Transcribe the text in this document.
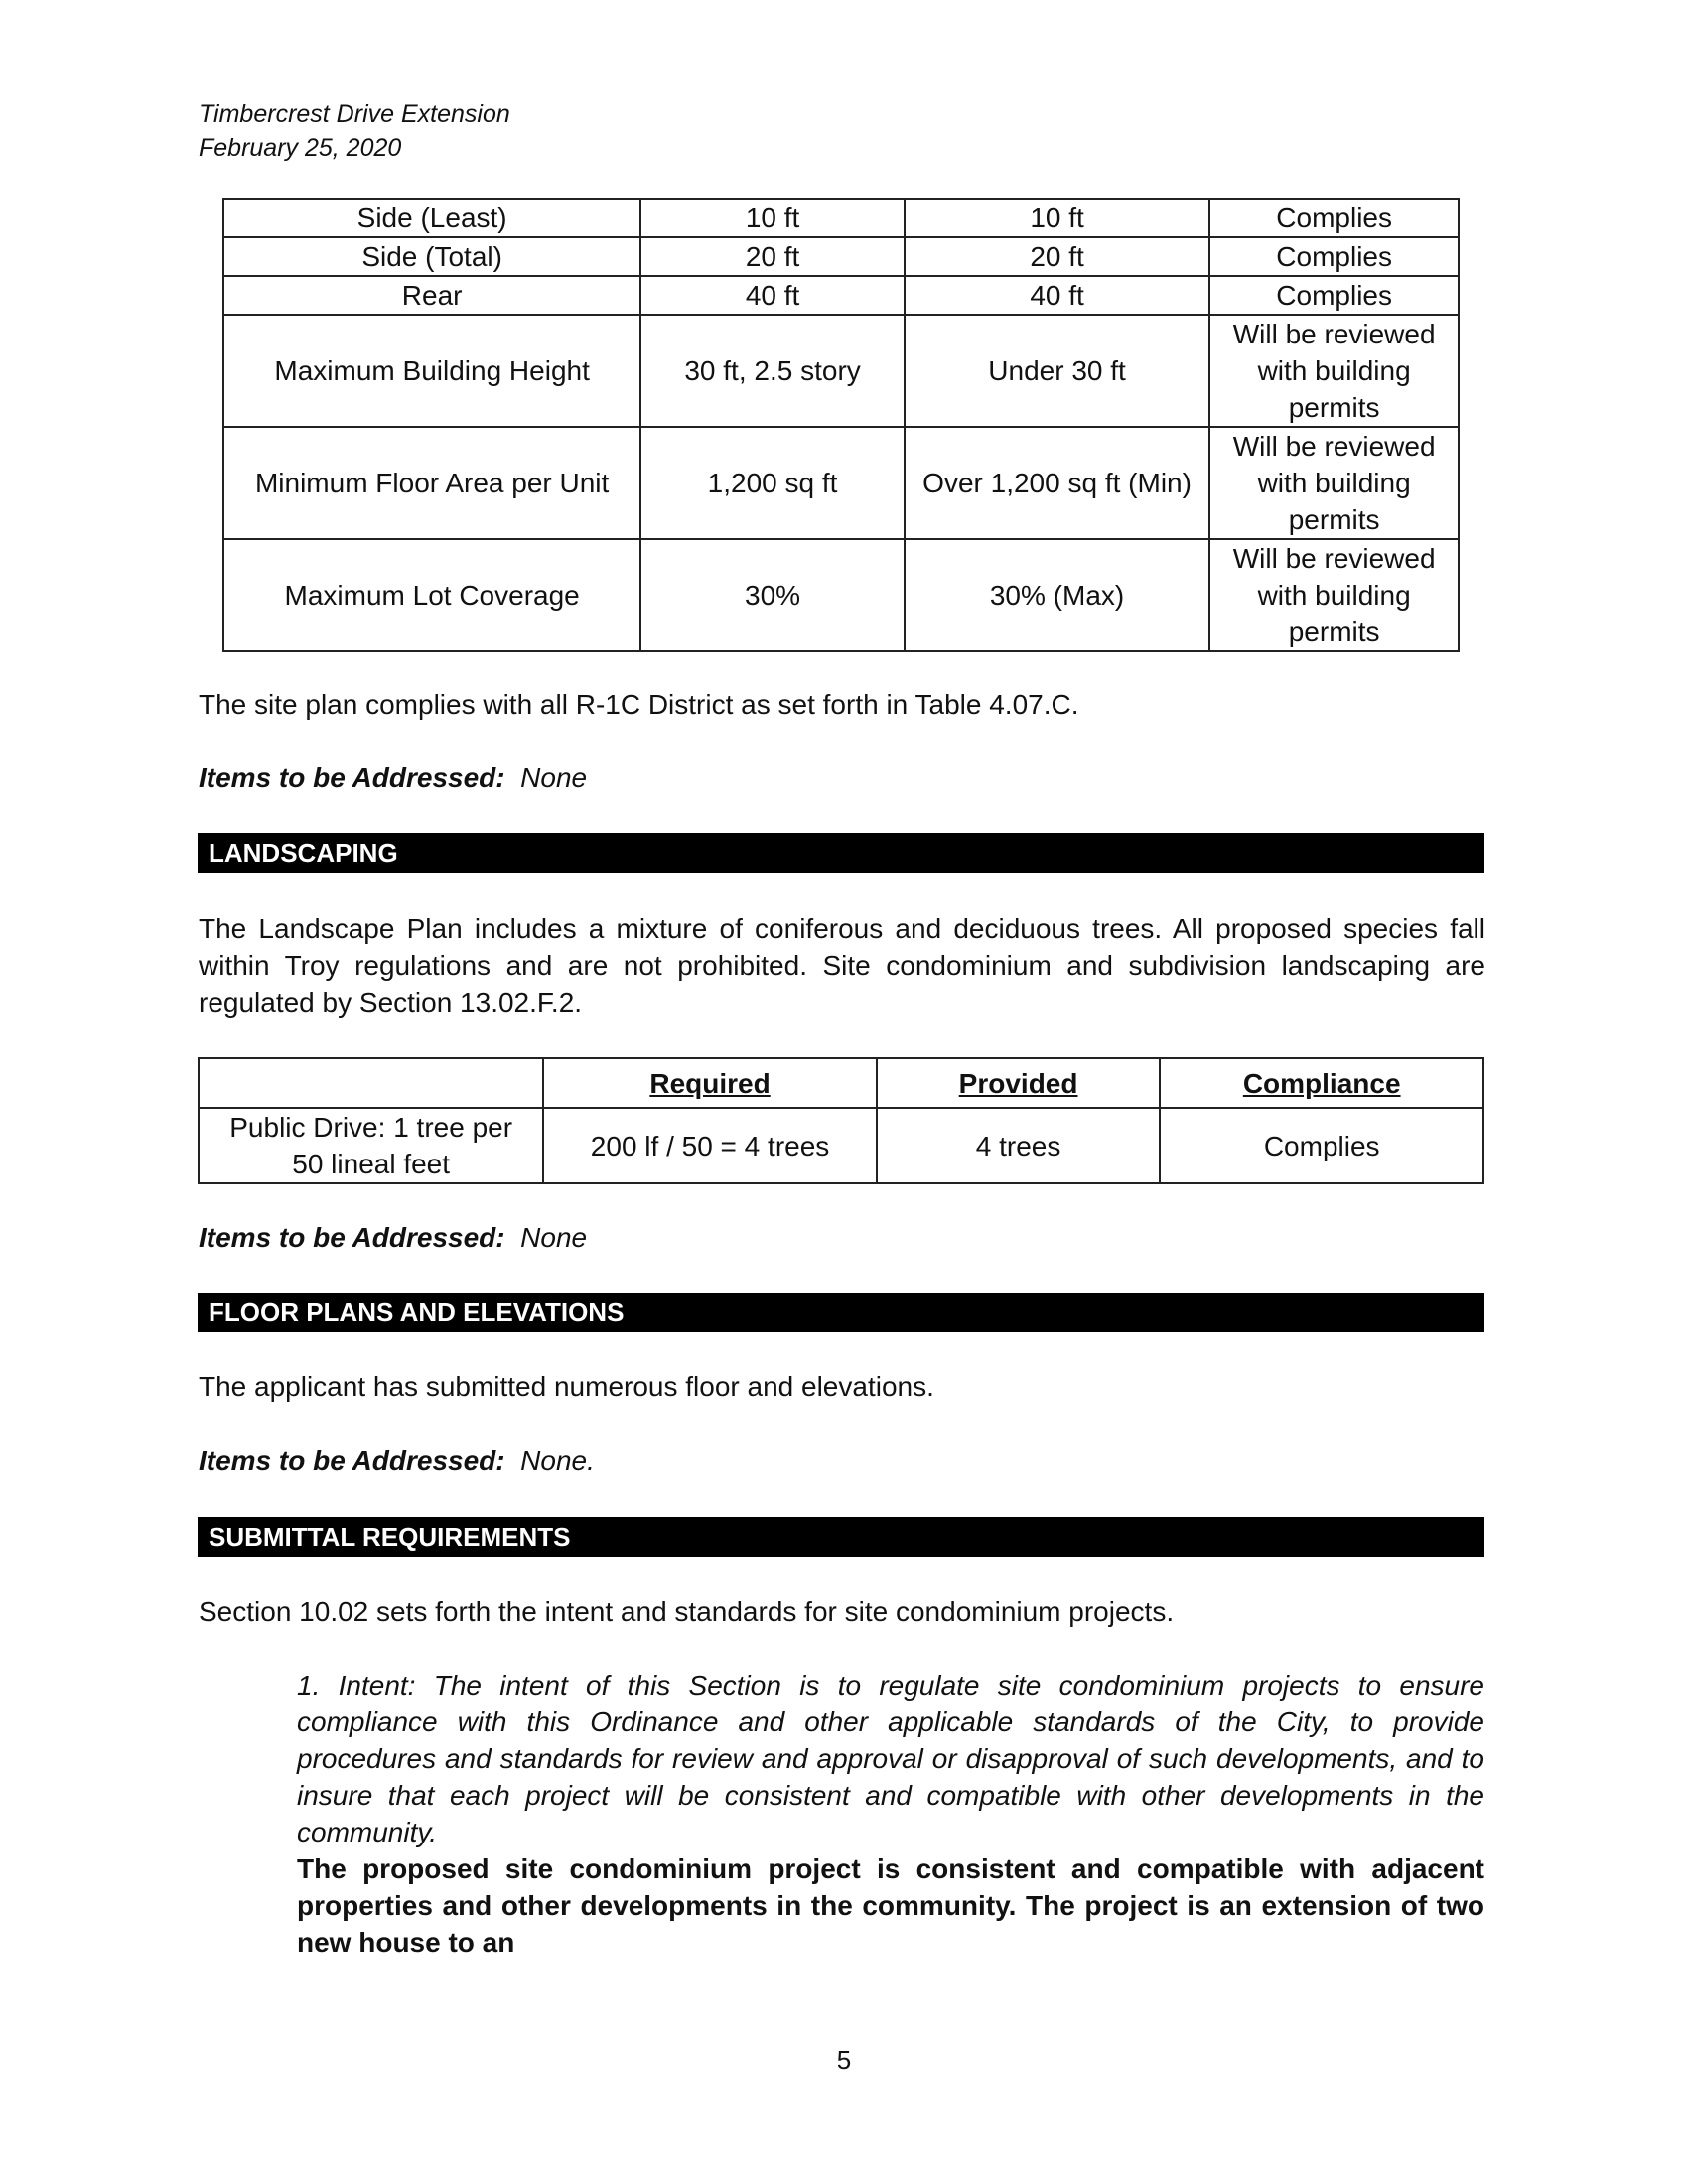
Timbercrest Drive Extension
February 25, 2020
Side (Least)	10 ft	10 ft	Complies
Side (Total)	20 ft	20 ft	Complies
Rear	40 ft	40 ft	Complies
Maximum Building Height	30 ft, 2.5 story	Under 30 ft	Will be reviewed
with building
permits

Minimum Floor Area per Unit	1,200 sq ft	Over 1,200 sq ft (Min)	Will be reviewed
with building
permits

Maximum Lot Coverage	30%	30% (Max)	Will be reviewed
with building
permits
The site plan complies with all R-1C District as set forth in Table 4.07.C.
Items to be Addressed: None
LANDSCAPING
The Landscape Plan includes a mixture of coniferous and deciduous trees. All proposed species fall within Troy regulations and are not prohibited. Site condominium and subdivision landscaping are regulated by Section 13.02.F.2.
	Required	Provided	Compliance

Public Drive: 1 tree per
50 lineal feet	200 lf / 50 = 4 trees	4 trees	Complies
Items to be Addressed: None
FLOOR PLANS AND ELEVATIONS
The applicant has submitted numerous floor and elevations.
Items to be Addressed: None.
SUBMITTAL REQUIREMENTS
Section 10.02 sets forth the intent and standards for site condominium projects.
1. Intent: The intent of this Section is to regulate site condominium projects to ensure compliance with this Ordinance and other applicable standards of the City, to provide procedures and standards for review and approval or disapproval of such developments, and to insure that each project will be consistent and compatible with other developments in the community.
The proposed site condominium project is consistent and compatible with adjacent properties and other developments in the community. The project is an extension of two new house to an
5
